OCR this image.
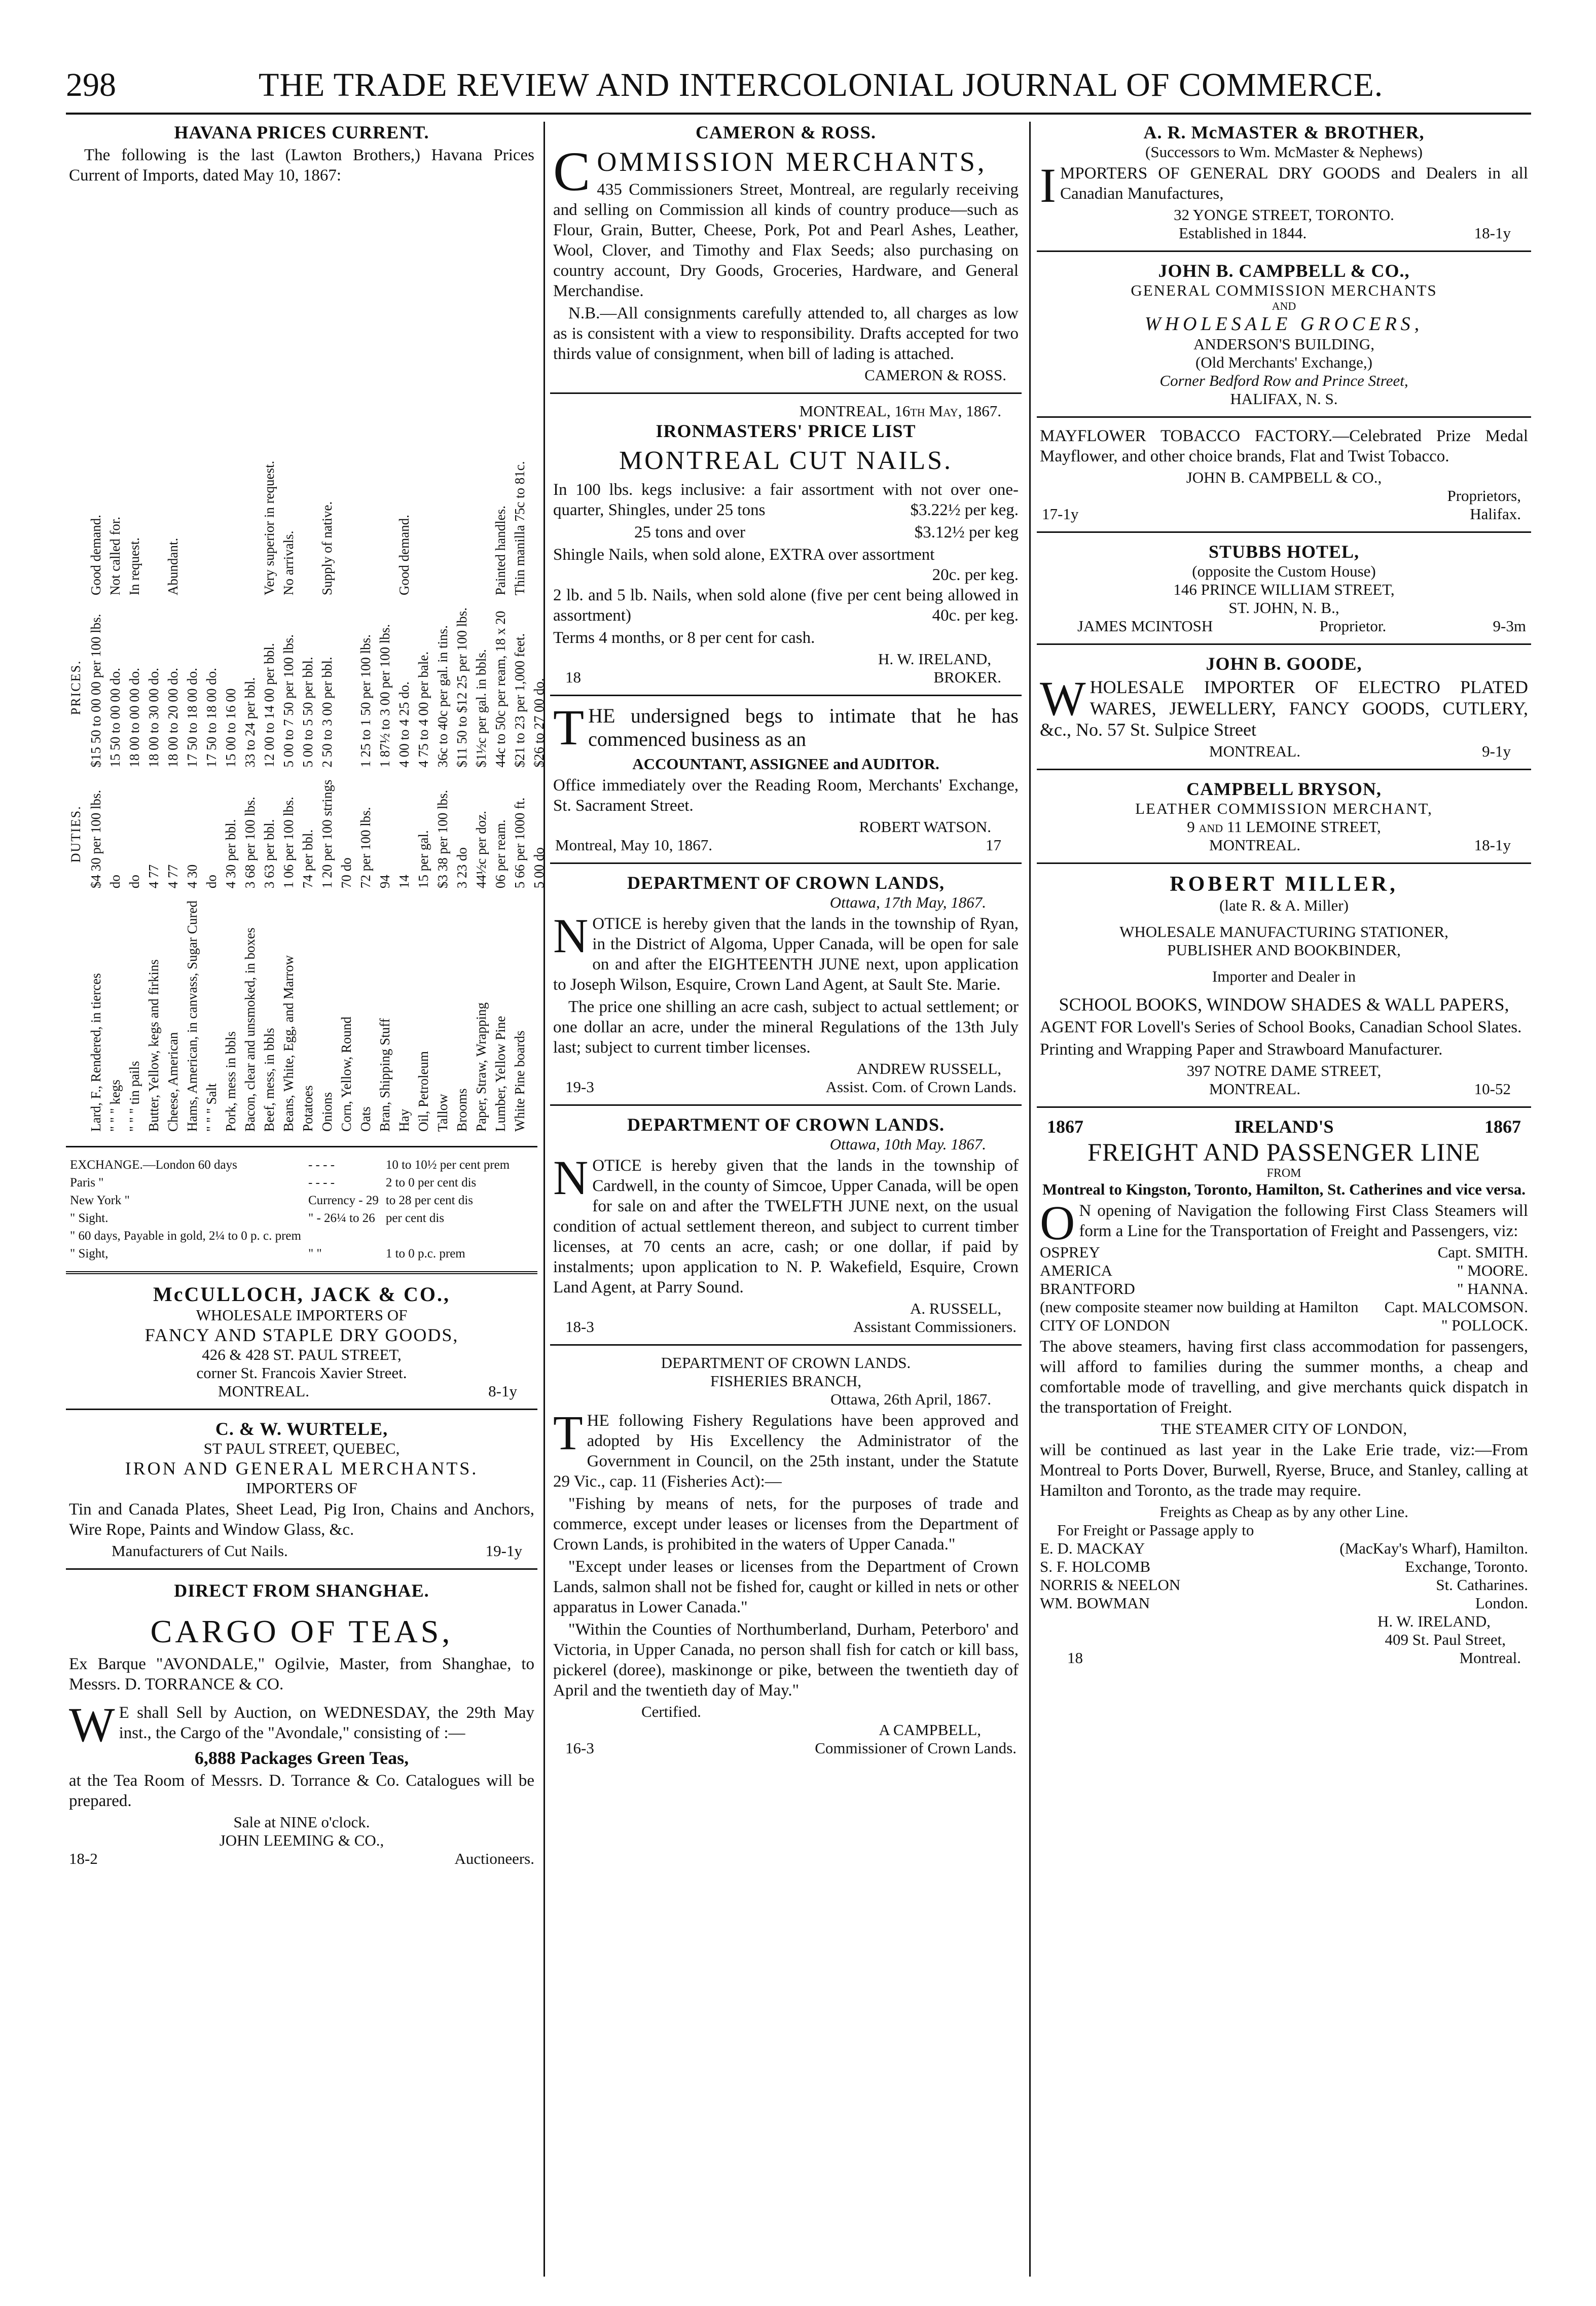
298	THE TRADE REVIEW AND INTERCOLONIAL JOURNAL OF COMMERCE.
HAVANA PRICES CURRENT.
The following is the last (Lawton Brothers,) Havana Prices Current of Imports, dated May 10, 1867:
	DUTIES.	PRICES.	
Lard, F., Rendered, in tierces	$4 30 per 100 lbs.	$15 50 to 00 00 per 100 lbs.	Good demand.
" " " kegs	do	15 50 to 00 00 do.	Not called for.
" " " tin pails	do	18 00 to 00 00 do.	In request.
Butter, Yellow, kegs and firkins	4 77	18 00 to 30 00 do.	
Cheese, American	4 77	18 00 to 20 00 do.	Abundant.
Hams, American, in canvass, Sugar Cured	4 30	17 50 to 18 00 do.	
" " " Salt	do	17 50 to 18 00 do.	
Pork, mess in bbls	4 30 per bbl.	15 00 to 16 00	
Bacon, clear and unsmoked, in boxes	3 68 per 100 lbs.	33 to 24 per bbl.	
Beef, mess, in bbls	3 63 per bbl.	12 00 to 14 00 per bbl.	Very superior in request.
Beans, White, Egg, and Marrow	1 06 per 100 lbs.	5 00 to 7 50 per 100 lbs.	No arrivals.
Potatoes	74 per bbl.	5 00 to 5 50 per bbl.	
Onions	1 20 per 100 strings	2 50 to 3 00 per bbl.	Supply of native.
Corn, Yellow, Round	70 do		
Oats	72 per 100 lbs.	1 25 to 1 50 per 100 lbs.	
Bran, Shipping Stuff	94	1 87½ to 3 00 per 100 lbs.	
Hay	14	4 00 to 4 25 do.	Good demand.
Oil, Petroleum	15 per gal.	4 75 to 4 00 per bale.	
Tallow	$3 38 per 100 lbs.	36c to 40c per gal. in tins.	
Brooms	3 23 do	$11 50 to $12 25 per 100 lbs.	
Paper, Straw, Wrapping	44½c per doz.	$1½c per gal. in bbls.	
Lumber, Yellow Pine	06 per ream.	44c to 50c per ream, 18 x 20	Painted handles.
White Pine boards	5 66 per 1000 ft.	$21 to 23 per 1,000 feet.	Thin manilla 75c to 81c.
	5 00 do	$26 to 27 00 do.	
EXCHANGE.—London 60 days	- - - -	10 to 10½ per cent prem
Paris "	- - - -	2 to 0 per cent dis
New York "	Currency - 29	to 28 per cent dis
" Sight.	" - 26¼ to 26	per cent dis
" 60 days, Payable in gold, 2¼ to 0 p. c. prem		
" Sight,	" "	1 to 0 p.c. prem
McCULLOCH, JACK & CO.,
WHOLESALE IMPORTERS OF
FANCY AND STAPLE DRY GOODS,
426 & 428 ST. PAUL STREET,
corner St. Francois Xavier Street.
MONTREAL.	8-1y
C. & W. WURTELE,
ST PAUL STREET, QUEBEC,
IRON AND GENERAL MERCHANTS.
IMPORTERS OF
Tin and Canada Plates, Sheet Lead, Pig Iron, Chains and Anchors, Wire Rope, Paints and Window Glass, &c.
Manufacturers of Cut Nails.	19-1y
DIRECT FROM SHANGHAE.
CARGO OF TEAS,
Ex Barque "AVONDALE," Ogilvie, Master, from Shanghae, to Messrs. D. TORRANCE & CO.
W E shall Sell by Auction, on WEDNESDAY, the 29th May inst., the Cargo of the "Avondale," consisting of :—
6,888 Packages Green Teas,
at the Tea Room of Messrs. D. Torrance & Co. Catalogues will be prepared.
Sale at NINE o'clock.
JOHN LEEMING & CO.,
18-2	Auctioneers.
CAMERON & ROSS.
COMMISSION MERCHANTS,
435 Commissioners Street, Montreal, are regularly receiving and selling on Commission all kinds of country produce—such as Flour, Grain, Butter, Cheese, Pork, Pot and Pearl Ashes, Leather, Wool, Clover, and Timothy and Flax Seeds; also purchasing on country account, Dry Goods, Groceries, Hardware, and General Merchandise.
N.B.—All consignments carefully attended to, all charges as low as is consistent with a view to responsibility. Drafts accepted for two thirds value of consignment, when bill of lading is attached.
CAMERON & ROSS.
MONTREAL, 16th May, 1867.
IRONMASTERS' PRICE LIST
MONTREAL CUT NAILS.
In 100 lbs. kegs inclusive: a fair assortment with not over one-quarter, Shingles, under 25 tons	$3.22½ per keg.
25 tons and over	$3.12½ per keg
Shingle Nails, when sold alone, EXTRA over assortment
20c. per keg.
2 lb. and 5 lb. Nails, when sold alone (five per cent being allowed in assortment)	40c. per keg.
Terms 4 months, or 8 per cent for cash.
H. W. IRELAND,
18	BROKER.
THE undersigned begs to intimate that he has commenced business as an
ACCOUNTANT, ASSIGNEE and AUDITOR.
Office immediately over the Reading Room, Merchants' Exchange, St. Sacrament Street.
ROBERT WATSON.
Montreal, May 10, 1867.	17
DEPARTMENT OF CROWN LANDS,
Ottawa, 17th May, 1867.
NOTICE is hereby given that the lands in the township of Ryan, in the District of Algoma, Upper Canada, will be open for sale on and after the EIGHTEENTH JUNE next, upon application to Joseph Wilson, Esquire, Crown Land Agent, at Sault Ste. Marie.
The price one shilling an acre cash, subject to actual settlement; or one dollar an acre, under the mineral Regulations of the 13th July last; subject to current timber licenses.
ANDREW RUSSELL,
19-3	Assist. Com. of Crown Lands.
DEPARTMENT OF CROWN LANDS.
Ottawa, 10th May. 1867.
NOTICE is hereby given that the lands in the township of Cardwell, in the county of Simcoe, Upper Canada, will be open for sale on and after the TWELFTH JUNE next, on the usual condition of actual settlement thereon, and subject to current timber licenses, at 70 cents an acre, cash; or one dollar, if paid by instalments; upon application to N. P. Wakefield, Esquire, Crown Land Agent, at Parry Sound.
A. RUSSELL,
18-3	Assistant Commissioners.
DEPARTMENT OF CROWN LANDS.
FISHERIES BRANCH,
Ottawa, 26th April, 1867.
THE following Fishery Regulations have been approved and adopted by His Excellency the Administrator of the Government in Council, on the 25th instant, under the Statute 29 Vic., cap. 11 (Fisheries Act):—
"Fishing by means of nets, for the purposes of trade and commerce, except under leases or licenses from the Department of Crown Lands, is prohibited in the waters of Upper Canada."
"Except under leases or licenses from the Department of Crown Lands, salmon shall not be fished for, caught or killed in nets or other apparatus in Lower Canada."
"Within the Counties of Northumberland, Durham, Peterboro' and Victoria, in Upper Canada, no person shall fish for catch or kill bass, pickerel (doree), maskinonge or pike, between the twentieth day of April and the twentieth day of May."
Certified.
A CAMPBELL,
16-3	Commissioner of Crown Lands.
A. R. McMASTER & BROTHER,
(Successors to Wm. McMaster & Nephews)
IMPORTERS OF GENERAL DRY GOODS and Dealers in all Canadian Manufactures,
32 YONGE STREET, TORONTO.
Established in 1844.	18-1y
JOHN B. CAMPBELL & CO.,
GENERAL COMMISSION MERCHANTS
AND
WHOLESALE GROCERS,
ANDERSON'S BUILDING,
(Old Merchants' Exchange,)
Corner Bedford Row and Prince Street,
HALIFAX, N. S.
MAYFLOWER TOBACCO FACTORY.—Celebrated Prize Medal Mayflower, and other choice brands, Flat and Twist Tobacco.
JOHN B. CAMPBELL & CO.,
Proprietors,
17-1y	Halifax.
STUBBS HOTEL,
(opposite the Custom House)
146 PRINCE WILLIAM STREET,
ST. JOHN, N. B.,
JAMES MCINTOSH	Proprietor.	9-3m
JOHN B. GOODE,
WHOLESALE IMPORTER OF ELECTRO PLATED WARES, JEWELLERY, FANCY GOODS, CUTLERY, &c., No. 57 St. Sulpice Street
MONTREAL.	9-1y
CAMPBELL BRYSON,
LEATHER COMMISSION MERCHANT,
9 and 11 LEMOINE STREET,
MONTREAL.	18-1y
ROBERT MILLER,
(late R. & A. Miller)
WHOLESALE MANUFACTURING STATIONER,
PUBLISHER AND BOOKBINDER,
Importer and Dealer in
SCHOOL BOOKS, WINDOW SHADES & WALL PAPERS,
AGENT FOR Lovell's Series of School Books, Canadian School Slates.
Printing and Wrapping Paper and Strawboard Manufacturer.
397 NOTRE DAME STREET,
MONTREAL.	10-52
1867	IRELAND'S	1867
FREIGHT AND PASSENGER LINE
FROM
Montreal to Kingston, Toronto, Hamilton, St. Catherines and vice versa.
O N opening of Navigation the following First Class Steamers will form a Line for the Transportation of Freight and Passengers, viz:
OSPREY	Capt. SMITH.
AMERICA	" MOORE.
BRANTFORD	" HANNA.
(new composite steamer now building at Hamilton Capt. MALCOMSON.
CITY OF LONDON	" POLLOCK.
The above steamers, having first class accommodation for passengers, will afford to families during the summer months, a cheap and comfortable mode of travelling, and give merchants quick dispatch in the transportation of Freight.
THE STEAMER CITY OF LONDON,
will be continued as last year in the Lake Erie trade, viz:—From Montreal to Ports Dover, Burwell, Ryerse, Bruce, and Stanley, calling at Hamilton and Toronto, as the trade may require.
Freights as Cheap as by any other Line.
For Freight or Passage apply to
E. D. MACKAY	(MacKay's Wharf), Hamilton.
S. F. HOLCOMB	Exchange, Toronto.
NORRIS & NEELON	St. Catharines.
WM. BOWMAN	London.
H. W. IRELAND,
409 St. Paul Street,
18	Montreal.
